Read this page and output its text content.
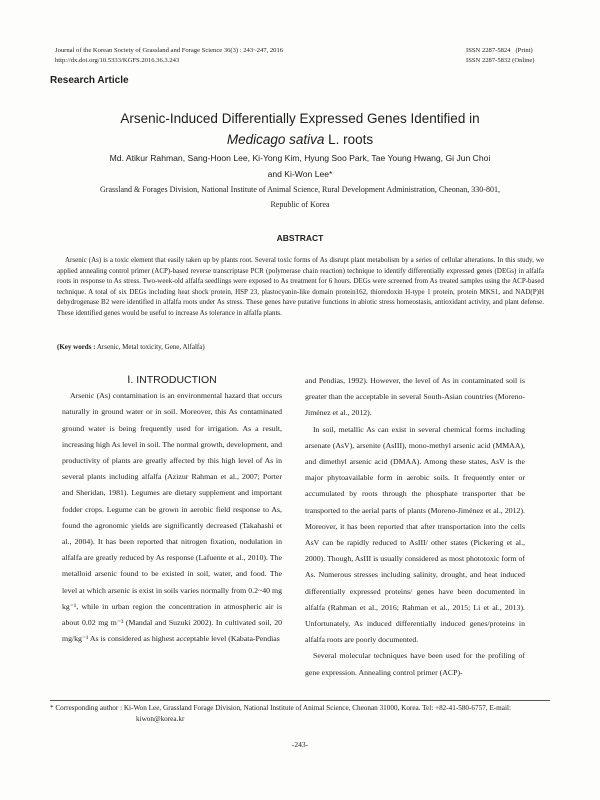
Journal of the Korean Society of Grassland and Forage Science 36(3) : 243~247, 2016
http://dx.doi.org/10.5333/KGFS.2016.36.3.243
ISSN 2287-5824   (Print)
ISSN 2287-5832 (Online)
Research Article
Arsenic-Induced Differentially Expressed Genes Identified in
Medicago sativa L. roots
Md. Atikur Rahman, Sang-Hoon Lee, Ki-Yong Kim, Hyung Soo Park, Tae Young Hwang, Gi Jun Choi
and Ki-Won Lee*
Grassland & Forages Division, National Institute of Animal Science, Rural Development Administration, Cheonan, 330-801,
Republic of Korea
ABSTRACT
Arsenic (As) is a toxic element that easily taken up by plants root. Several toxic forms of As disrupt plant metabolism by a series of cellular alterations. In this study, we applied annealing control primer (ACP)-based reverse transcriptase PCR (polymerase chain reaction) technique to identify differentially expressed genes (DEGs) in alfalfa roots in response to As stress. Two-week-old alfalfa seedlings were exposed to As treatment for 6 hours. DEGs were screened from As treated samples using the ACP-based technique. A total of six DEGs including heat shock protein, HSP 23, plastocyanin-like domain protein162, thioredoxin H-type 1 protein, protein MKS1, and NAD(P)H dehydrogenase B2 were identified in alfalfa roots under As stress. These genes have putative functions in abiotic stress homeostasis, antioxidant activity, and plant defense. These identified genes would be useful to increase As tolerance in alfalfa plants.
(Key words : Arsenic, Metal toxicity, Gene, Alfalfa)

Ⅰ. INTRODUCTION

Arsenic (As) contamination is an environmental hazard that occurs naturally in ground water or in soil. Moreover, this As contaminated ground water is being frequently used for irrigation. As a result, increasing high As level in soil. The normal growth, development, and productivity of plants are greatly affected by this high level of As in several plants including alfalfa (Azizur Rahman et al., 2007; Porter and Sheridan, 1981). Legumes are dietary supplement and important fodder crops. Legume can be grown in aerobic field response to As, found the agronomic yields are significantly decreased (Takahashi et al., 2004). It has been reported that nitrogen fixation, nodulation in alfalfa are greatly reduced by As response (Lafuente et al., 2010). The metalloid arsenic found to be existed in soil, water, and food. The level at which arsenic is exist in soils varies normally from 0.2~40 mg kg⁻¹, while in urban region the concentration in atmospheric air is about 0.02 mg m⁻³ (Mandal and Suzuki 2002). In cultivated soil, 20 mg/kg⁻¹ As is considered as highest acceptable level (Kabata-Pendias

and Pendias, 1992). However, the level of As in contaminated soil is greater than the acceptable in several South-Asian countries (Moreno-Jiménez et al., 2012).

In soil, metallic As can exist in several chemical forms including arsenate (AsV), arsenite (AsIII), mono-methyl arsenic acid (MMAA), and dimethyl arsenic acid (DMAA). Among these states, AsV is the major phytoavailable form in aerobic soils. It frequently enter or accumulated by roots through the phosphate transporter that be transported to the aerial parts of plants (Moreno-Jiménez et al., 2012). Moreover, it has been reported that after transportation into the cells AsV can be rapidly reduced to AsIII/ other states (Pickering et al., 2000). Though, AsIII is usually considered as most phototoxic form of As. Numerous stresses including salinity, drought, and heat induced differentially expressed proteins/ genes have been documented in alfalfa (Rahman et al., 2016; Rahman et al., 2015; Li et al., 2013). Unfortunately, As induced differentially induced genes/proteins in alfalfa roots are poorly documented.

Several molecular techniques have been used for the profiling of gene expression. Annealing control primer (ACP)-

* Corresponding author : Ki-Won Lee, Grassland Forage Division, National Institute of Animal Science, Cheonan 31000, Korea. Tel: +82-41-580-6757, E-mail:
kiwon@korea.kr
-243-
